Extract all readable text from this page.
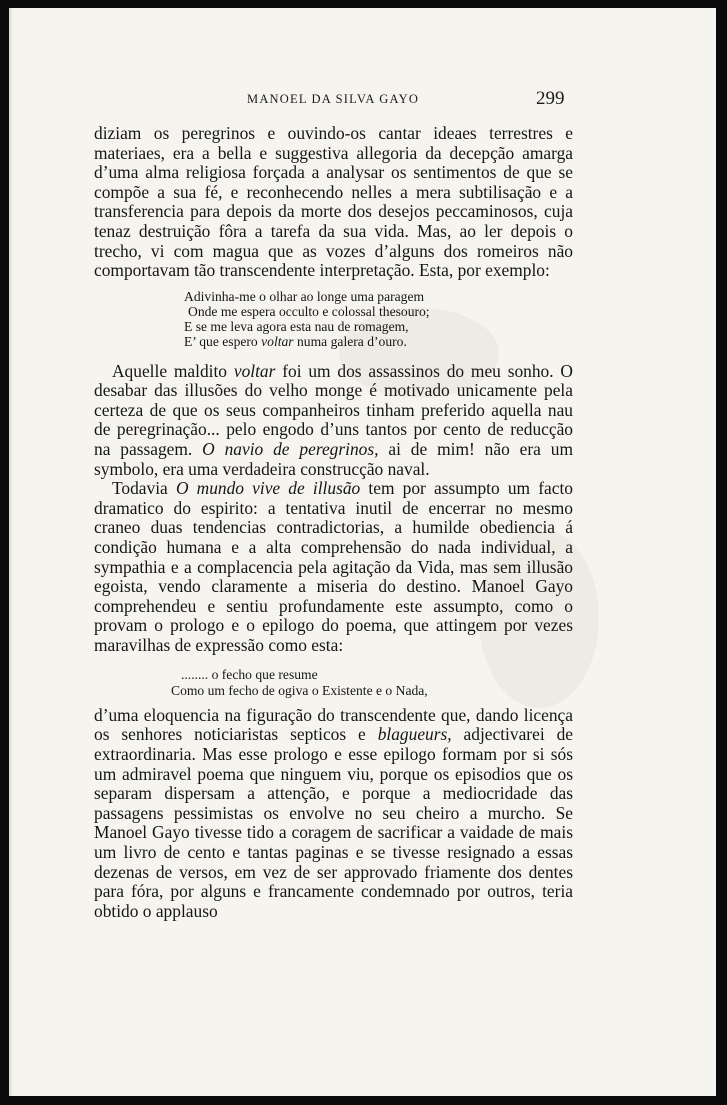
MANOEL DA SILVA GAYO	299

diziam os peregrinos e ouvindo-os cantar ideaes terrestres e materiaes, era a bella e suggestiva allegoria da decepção amarga d’uma alma religiosa forçada a analysar os sentimentos de que se compõe a sua fé, e reconhecendo nelles a mera subtilisação e a transferencia para depois da morte dos desejos peccaminosos, cuja tenaz destruição fôra a tarefa da sua vida. Mas, ao ler depois o trecho, vi com magua que as vozes d’alguns dos romeiros não comportavam tão transcendente interpretação. Esta, por exemplo:

Adivinha-me o olhar ao longe uma paragem
Onde me espera occulto e colossal thesouro;
E se me leva agora esta nau de romagem,
E’ que espero voltar numa galera d’ouro.

Aquelle maldito voltar foi um dos assassinos do meu sonho. O desabar das illusões do velho monge é motivado unicamente pela certeza de que os seus companheiros tinham preferido aquella nau de peregrinação... pelo engodo d’uns tantos por cento de reducção na passagem. O navio de peregrinos, ai de mim! não era um symbolo, era uma verdadeira construcção naval.

Todavia O mundo vive de illusão tem por assumpto um facto dramatico do espirito: a tentativa inutil de encerrar no mesmo craneo duas tendencias contradictorias, a humilde obediencia á condição humana e a alta comprehensão do nada individual, a sympathia e a complacencia pela agitação da Vida, mas sem illusão egoista, vendo claramente a miseria do destino. Manoel Gayo comprehendeu e sentiu profundamente este assumpto, como o provam o prologo e o epilogo do poema, que attingem por vezes maravilhas de expressão como esta:

........ o fecho que resume
Como um fecho de ogiva o Existente e o Nada,

d’uma eloquencia na figuração do transcendente que, dando licença os senhores noticiaristas septicos e blagueurs, adjectivarei de extraordinaria. Mas esse prologo e esse epilogo formam por si sós um admiravel poema que ninguem viu, porque os episodios que os separam dispersam a attenção, e porque a mediocridade das passagens pessimistas os envolve no seu cheiro a murcho. Se Manoel Gayo tivesse tido a coragem de sacrificar a vaidade de mais um livro de cento e tantas paginas e se tivesse resignado a essas dezenas de versos, em vez de ser approvado friamente dos dentes para fóra, por alguns e francamente condemnado por outros, teria obtido o applauso
